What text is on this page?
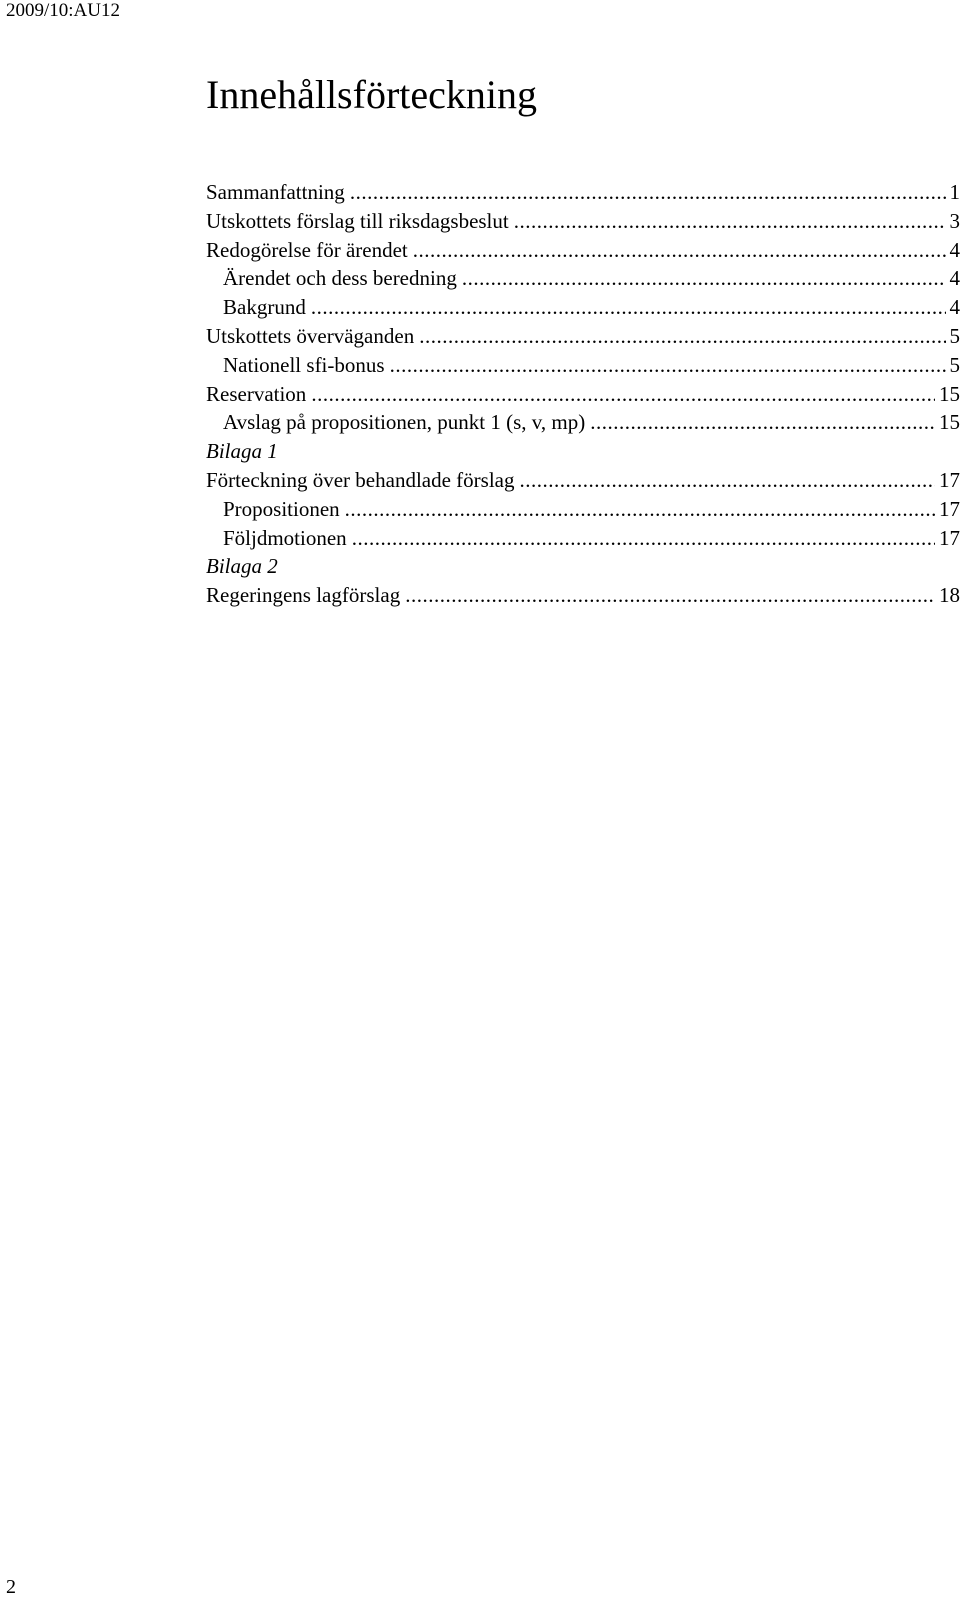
2009/10:AU12
Innehållsförteckning
Sammanfattning .....	1
Utskottets förslag till riksdagsbeslut .....	3
Redogörelse för ärendet .....	4
Ärendet och dess beredning .....	4
Bakgrund .....	4
Utskottets överväganden .....	5
Nationell sfi-bonus .....	5
Reservation .....	15
Avslag på propositionen, punkt 1 (s, v, mp) .....	15
Bilaga 1
Förteckning över behandlade förslag .....	17
Propositionen .....	17
Följdmotionen .....	17
Bilaga 2
Regeringens lagförslag .....	18
2
